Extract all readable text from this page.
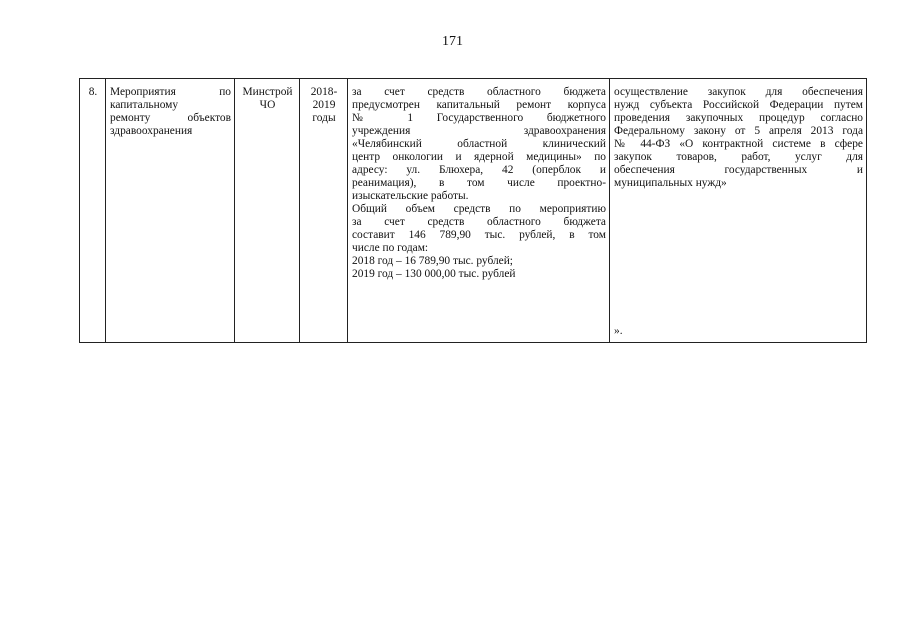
171
8.	Мероприятия по
капитальному
ремонту объектов
здравоохранения

Минстрой
ЧО

2018-
2019
годы

за счет средств областного бюджета
предусмотрен капитальный ремонт корпуса
№ 1 Государственного бюджетного
учреждения здравоохранения
«Челябинский областной клинический
центр онкологии и ядерной медицины» по
адресу: ул. Блюхера, 42 (оперблок и
реанимация), в том числе проектно-
изыскательские работы.
Общий объем средств по мероприятию
за счет средств областного бюджета
составит 146 789,90 тыс. рублей, в том
числе по годам:
2018 год – 16 789,90 тыс. рублей;
2019 год – 130 000,00 тыс. рублей

осуществление закупок для обеспечения
нужд субъекта Российской Федерации путем
проведения закупочных процедур согласно
Федеральному закону от 5 апреля 2013 года
№ 44-ФЗ «О контрактной системе в сфере
закупок товаров, работ, услуг для
обеспечения государственных и
муниципальных нужд»
».
